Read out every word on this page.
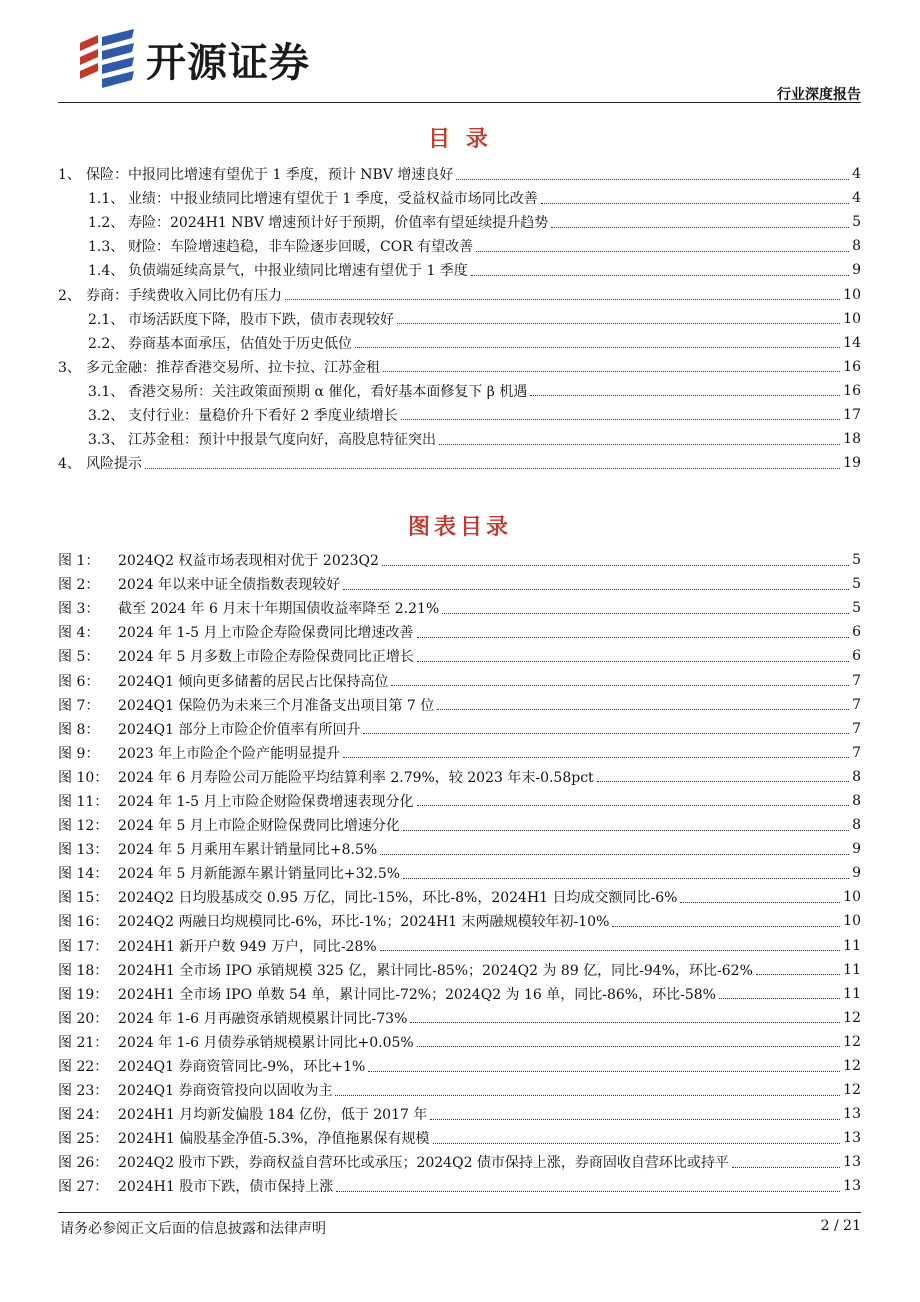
开源证券
行业深度报告
目 录
1、 保险：中报同比增速有望优于 1 季度，预计 NBV 增速良好	4
1.1、 业绩：中报业绩同比增速有望优于 1 季度，受益权益市场同比改善	4
1.2、 寿险：2024H1 NBV 增速预计好于预期，价值率有望延续提升趋势	5
1.3、 财险：车险增速趋稳，非车险逐步回暖，COR 有望改善	8
1.4、 负债端延续高景气，中报业绩同比增速有望优于 1 季度	9
2、 券商：手续费收入同比仍有压力	10
2.1、 市场活跃度下降，股市下跌，债市表现较好	10
2.2、 券商基本面承压，估值处于历史低位	14
3、 多元金融：推荐香港交易所、拉卡拉、江苏金租	16
3.1、 香港交易所：关注政策面预期 α 催化，看好基本面修复下 β 机遇	16
3.2、 支付行业：量稳价升下看好 2 季度业绩增长	17
3.3、 江苏金租：预计中报景气度向好，高股息特征突出	18
4、 风险提示	19
图表目录
图 1：	2024Q2 权益市场表现相对优于 2023Q2	5
图 2：	2024 年以来中证全债指数表现较好	5
图 3：	截至 2024 年 6 月末十年期国债收益率降至 2.21%	5
图 4：	2024 年 1-5 月上市险企寿险保费同比增速改善	6
图 5：	2024 年 5 月多数上市险企寿险保费同比正增长	6
图 6：	2024Q1 倾向更多储蓄的居民占比保持高位	7
图 7：	2024Q1 保险仍为未来三个月准备支出项目第 7 位	7
图 8：	2024Q1 部分上市险企价值率有所回升	7
图 9：	2023 年上市险企个险产能明显提升	7
图 10： 2024 年 6 月寿险公司万能险平均结算利率 2.79%，较 2023 年末-0.58pct	8
图 11： 2024 年 1-5 月上市险企财险保费增速表现分化	8
图 12： 2024 年 5 月上市险企财险保费同比增速分化	8
图 13： 2024 年 5 月乘用车累计销量同比+8.5%	9
图 14： 2024 年 5 月新能源车累计销量同比+32.5%	9
图 15： 2024Q2 日均股基成交 0.95 万亿，同比-15%，环比-8%，2024H1 日均成交额同比-6%	10
图 16： 2024Q2 两融日均规模同比-6%，环比-1%；2024H1 末两融规模较年初-10%	10
图 17： 2024H1 新开户数 949 万户，同比-28%	11
图 18： 2024H1 全市场 IPO 承销规模 325 亿，累计同比-85%；2024Q2 为 89 亿，同比-94%，环比-62%	11
图 19： 2024H1 全市场 IPO 单数 54 单，累计同比-72%；2024Q2 为 16 单，同比-86%，环比-58%	11
图 20： 2024 年 1-6 月再融资承销规模累计同比-73%	12
图 21： 2024 年 1-6 月债券承销规模累计同比+0.05%	12
图 22： 2024Q1 券商资管同比-9%，环比+1%	12
图 23： 2024Q1 券商资管投向以固收为主	12
图 24： 2024H1 月均新发偏股 184 亿份，低于 2017 年	13
图 25： 2024H1 偏股基金净值-5.3%，净值拖累保有规模	13
图 26： 2024Q2 股市下跌，券商权益自营环比或承压；2024Q2 债市保持上涨，券商固收自营环比或持平	13
图 27： 2024H1 股市下跌，债市保持上涨	13
请务必参阅正文后面的信息披露和法律声明	2 / 21
